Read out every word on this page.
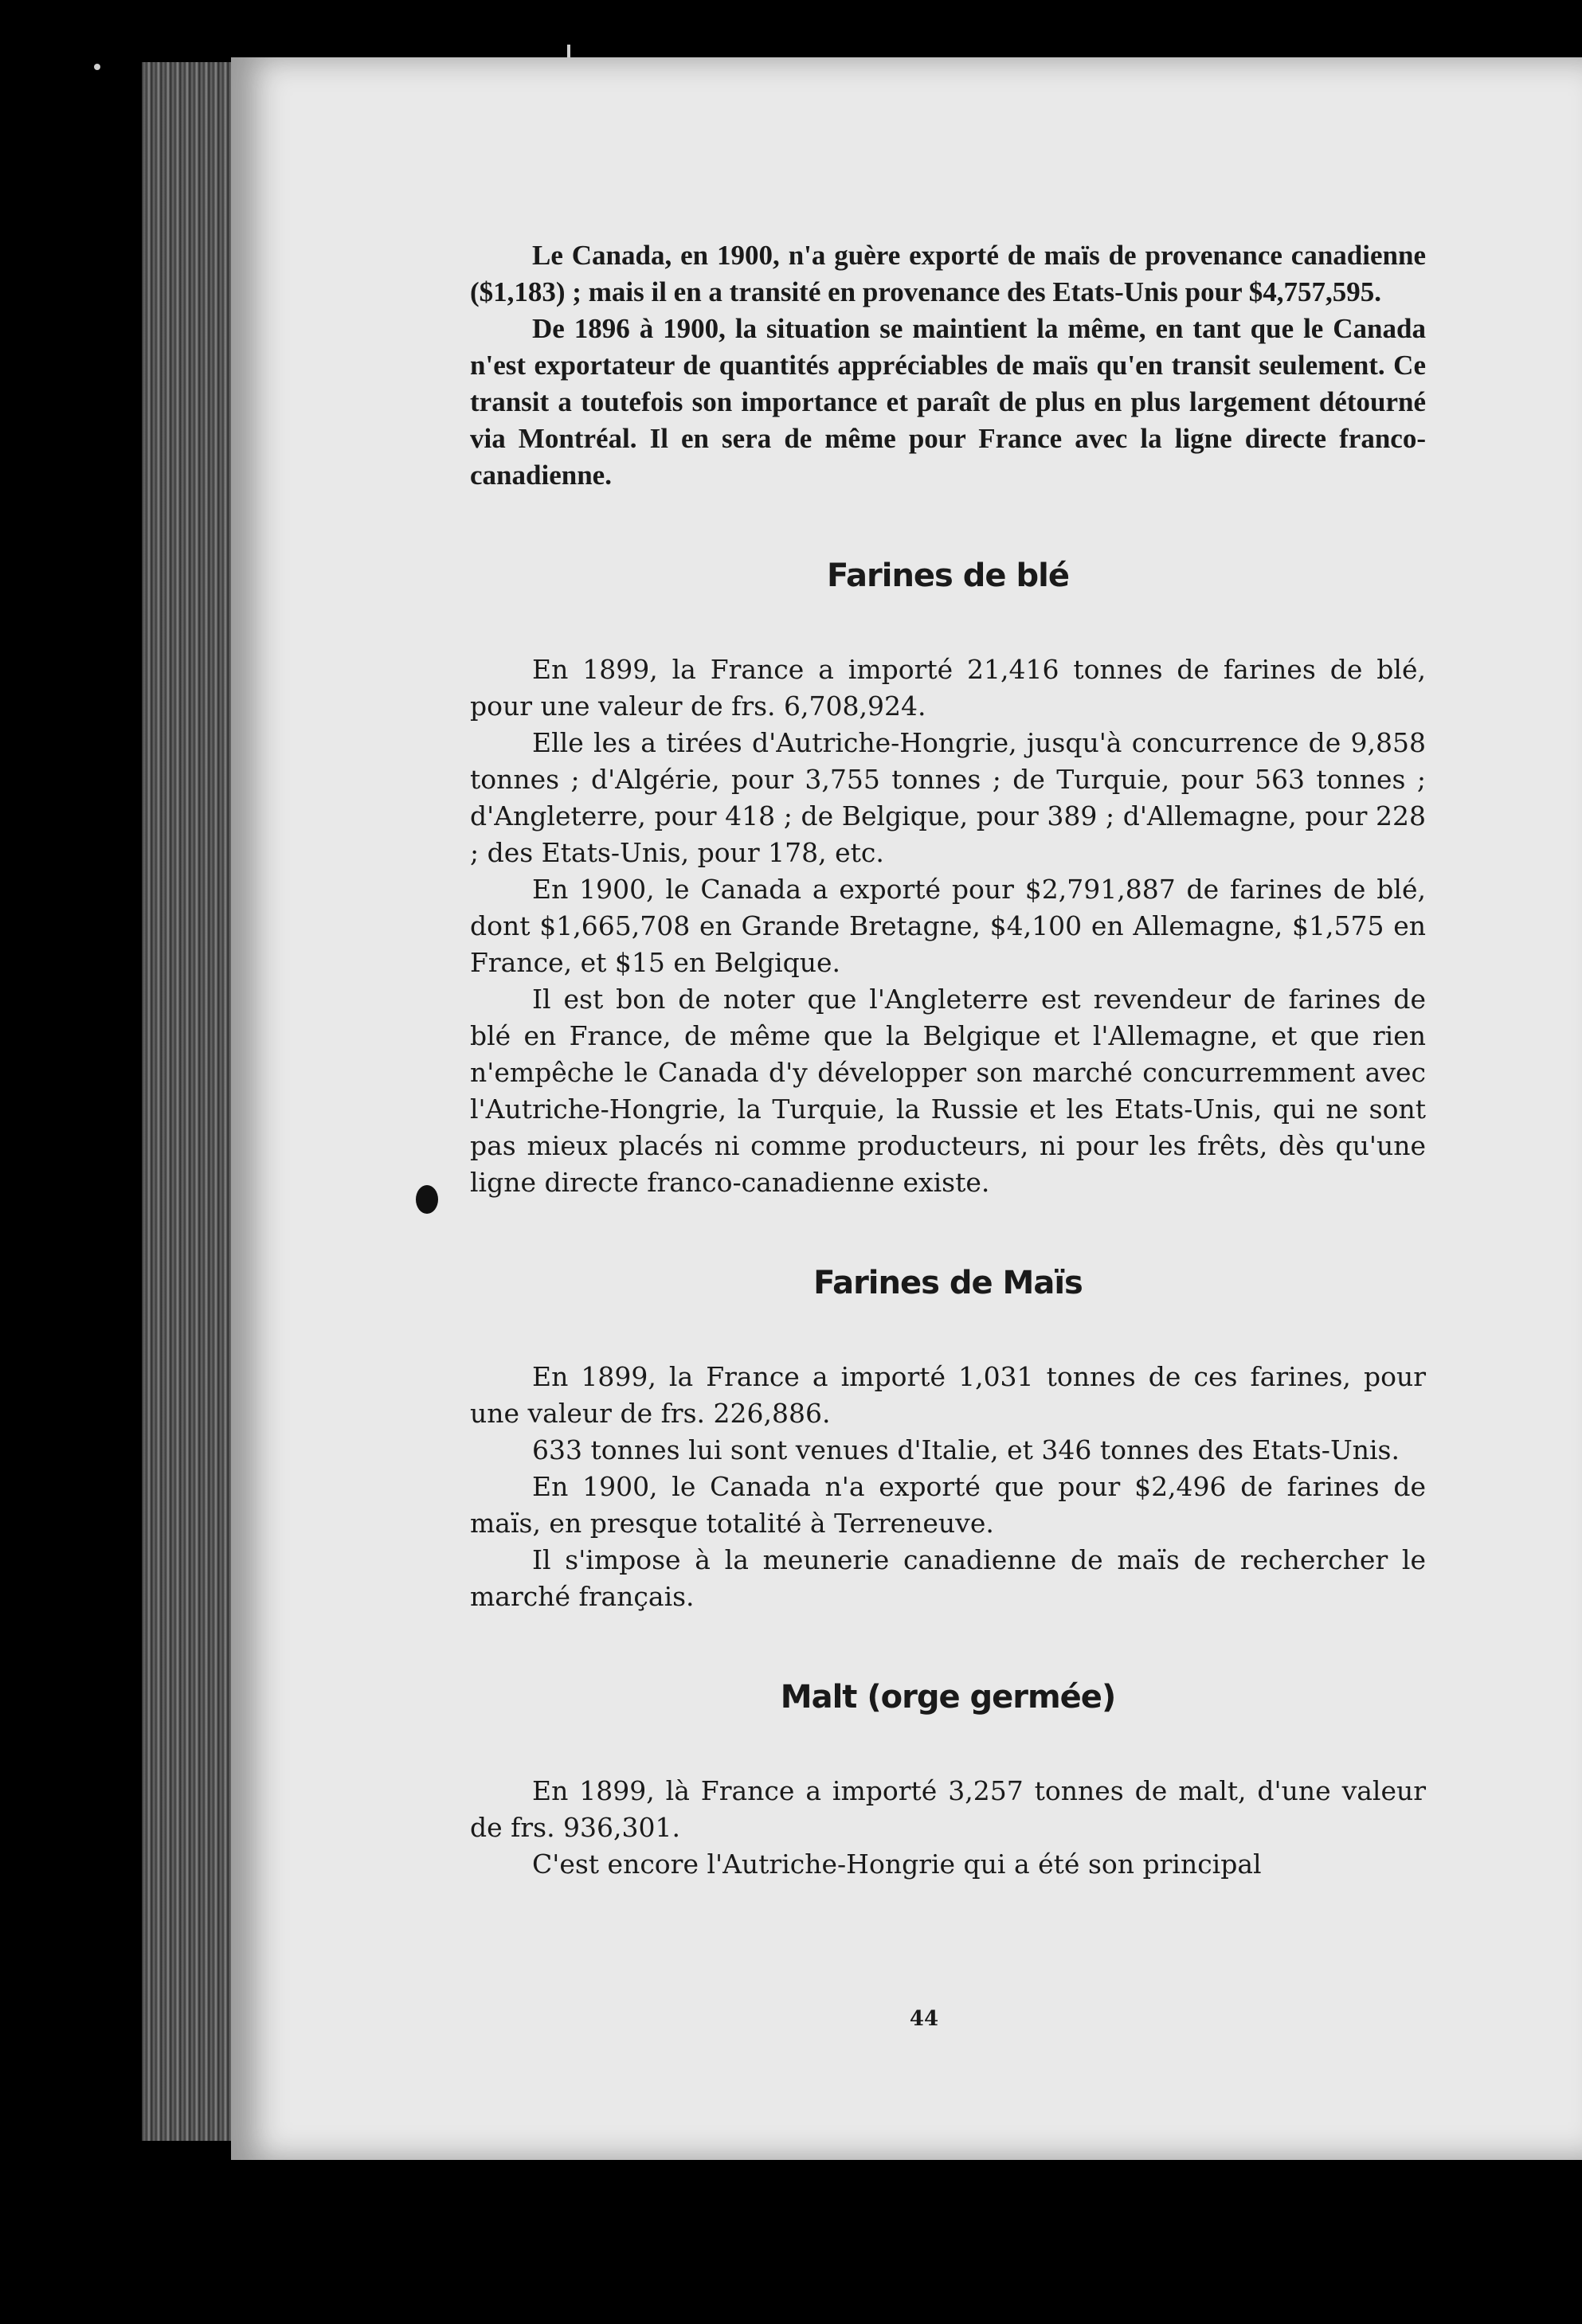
Le Canada, en 1900, n'a guère exporté de maïs de provenance canadienne ($1,183) ; mais il en a transité en provenance des Etats-Unis pour $4,757,595.

De 1896 à 1900, la situation se maintient la même, en tant que le Canada n'est exportateur de quantités appréciables de maïs qu'en transit seulement. Ce transit a toutefois son importance et paraît de plus en plus largement détourné via Montréal. Il en sera de même pour France avec la ligne directe franco-canadienne.

Farines de blé

En 1899, la France a importé 21,416 tonnes de farines de blé, pour une valeur de frs. 6,708,924.

Elle les a tirées d'Autriche-Hongrie, jusqu'à concurrence de 9,858 tonnes ; d'Algérie, pour 3,755 tonnes ; de Turquie, pour 563 tonnes ; d'Angleterre, pour 418 ; de Belgique, pour 389 ; d'Allemagne, pour 228 ; des Etats-Unis, pour 178, etc.

En 1900, le Canada a exporté pour $2,791,887 de farines de blé, dont $1,665,708 en Grande Bretagne, $4,100 en Allemagne, $1,575 en France, et $15 en Belgique.

Il est bon de noter que l'Angleterre est revendeur de farines de blé en France, de même que la Belgique et l'Allemagne, et que rien n'empêche le Canada d'y développer son marché concurremment avec l'Autriche-Hongrie, la Turquie, la Russie et les Etats-Unis, qui ne sont pas mieux placés ni comme producteurs, ni pour les frêts, dès qu'une ligne directe franco-canadienne existe.

Farines de Maïs

En 1899, la France a importé 1,031 tonnes de ces farines, pour une valeur de frs. 226,886.

633 tonnes lui sont venues d'Italie, et 346 tonnes des Etats-Unis.

En 1900, le Canada n'a exporté que pour $2,496 de farines de maïs, en presque totalité à Terreneuve.

Il s'impose à la meunerie canadienne de maïs de rechercher le marché français.

Malt (orge germée)

En 1899, là France a importé 3,257 tonnes de malt, d'une valeur de frs. 936,301.

C'est encore l'Autriche-Hongrie qui a été son principal

44
